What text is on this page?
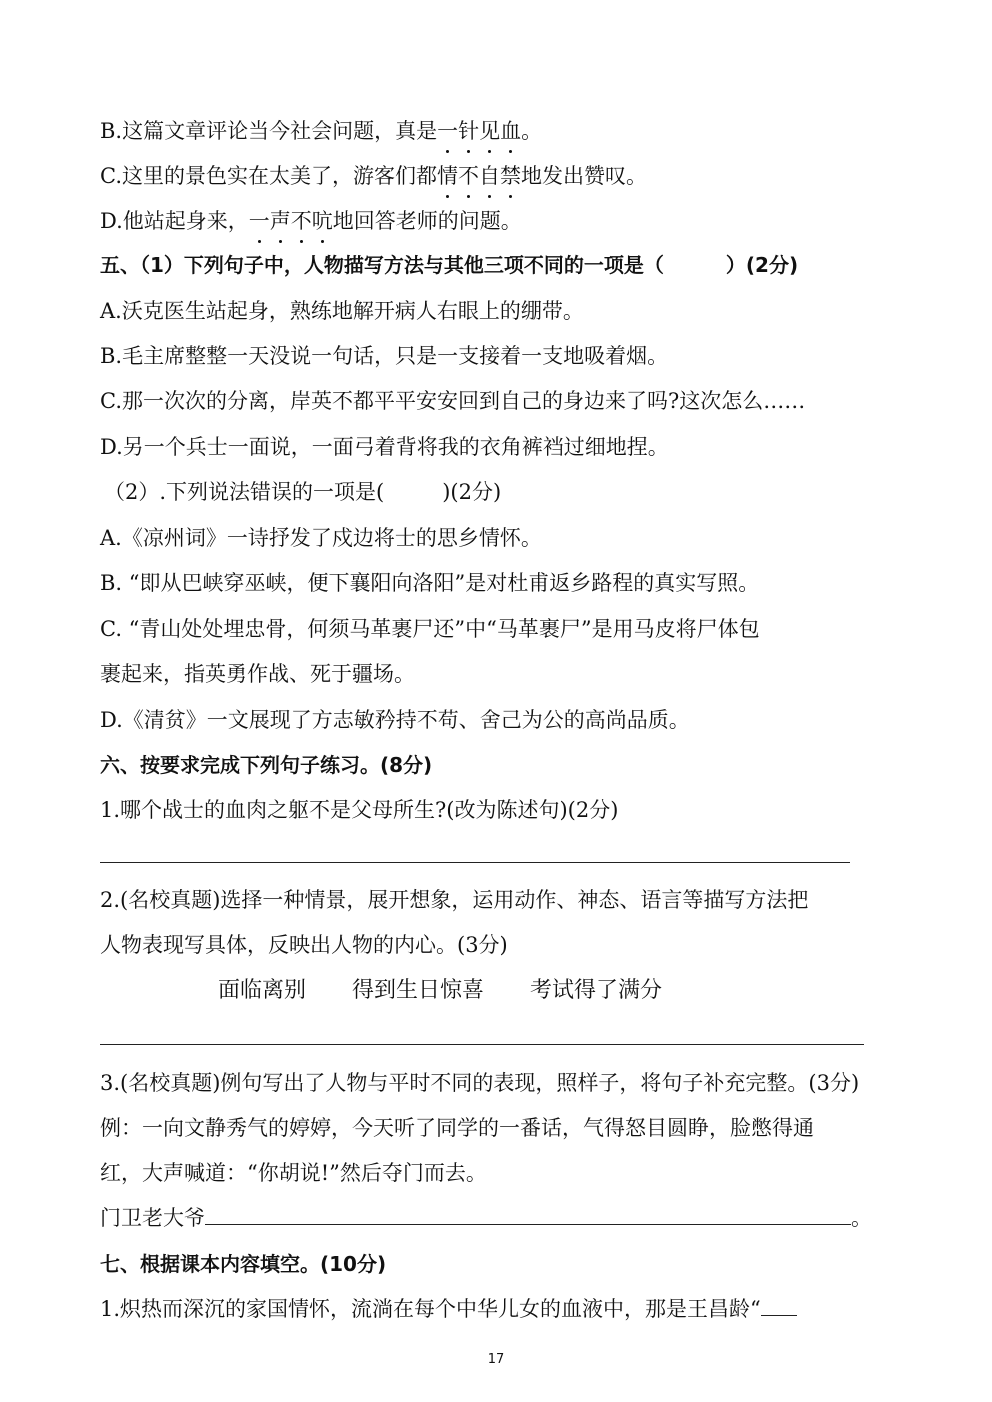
B.这篇文章评论当今社会问题，真是一针见血。
C.这里的景色实在太美了，游客们都情不自禁地发出赞叹。
D.他站起身来，一声不吭地回答老师的问题。
五、（1）下列句子中，人物描写方法与其他三项不同的一项是（	）(2分)
A.沃克医生站起身，熟练地解开病人右眼上的绷带。
B.毛主席整整一天没说一句话，只是一支接着一支地吸着烟。
C.那一次次的分离，岸英不都平平安安回到自己的身边来了吗?这次怎么……
D.另一个兵士一面说，一面弓着背将我的衣角裤裆过细地捏。
（2）.下列说法错误的一项是(	)(2分)
A.《凉州词》一诗抒发了戍边将士的思乡情怀。
B. “即从巴峡穿巫峡，便下襄阳向洛阳”是对杜甫返乡路程的真实写照。
C. “青山处处埋忠骨，何须马革裹尸还”中“马革裹尸”是用马皮将尸体包
裹起来，指英勇作战、死于疆场。
D.《清贫》一文展现了方志敏矜持不苟、舍己为公的高尚品质。
六、按要求完成下列句子练习。(8分)
1.哪个战士的血肉之躯不是父母所生?(改为陈述句)(2分)
2.(名校真题)选择一种情景，展开想象，运用动作、神态、语言等描写方法把
人物表现写具体，反映出人物的内心。(3分)
面临离别 得到生日惊喜 考试得了满分
3.(名校真题)例句写出了人物与平时不同的表现，照样子，将句子补充完整。(3分)
例：一向文静秀气的婷婷，今天听了同学的一番话，气得怒目圆睁，脸憋得通
红，大声喊道：“你胡说!”然后夺门而去。
门卫老大爷	。
七、根据课本内容填空。(10分)
1.炽热而深沉的家国情怀，流淌在每个中华儿女的血液中，那是王昌龄“
17
